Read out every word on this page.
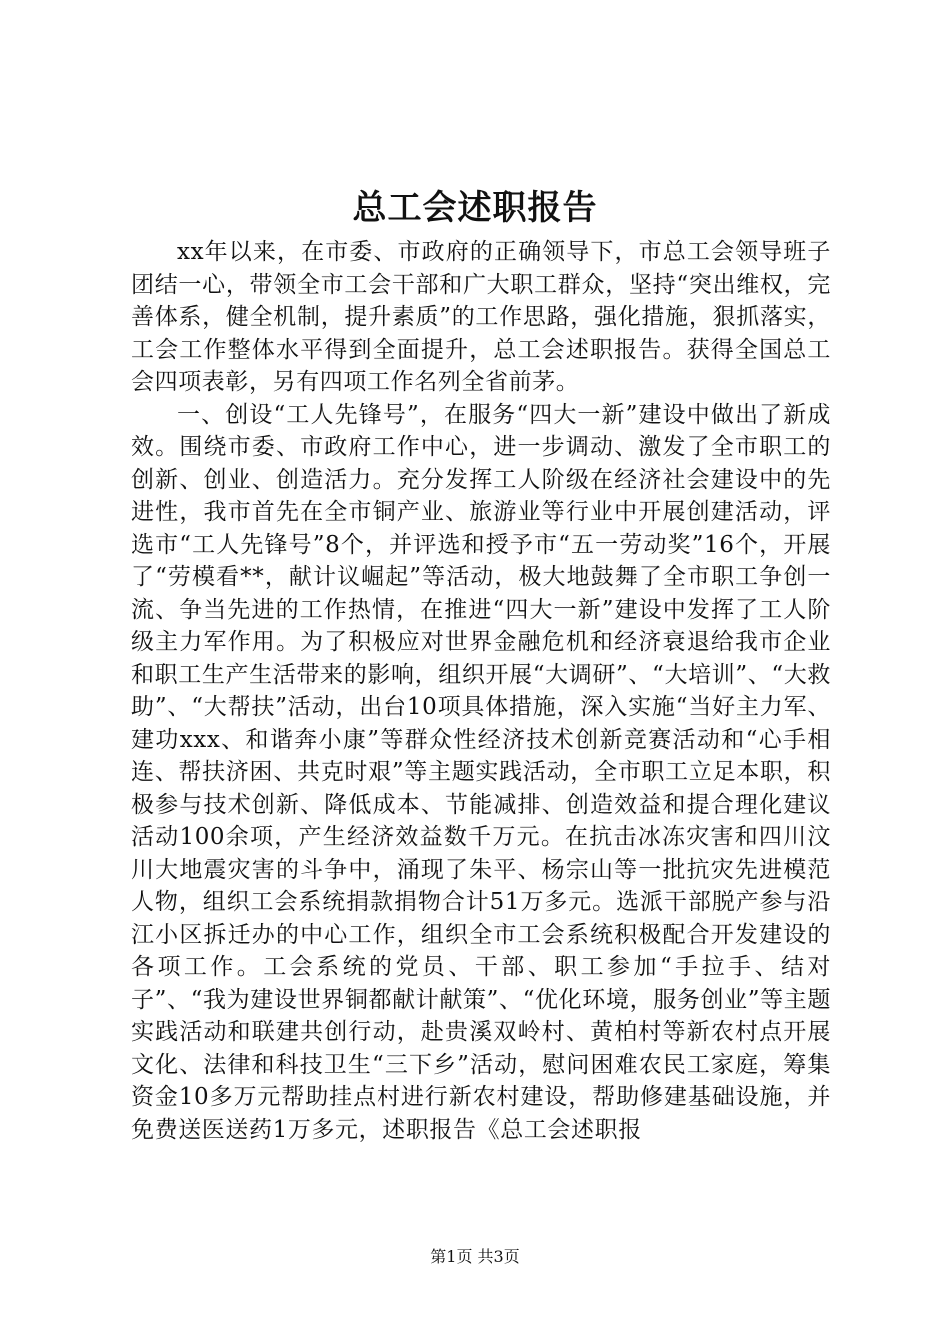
总工会述职报告

xx年以来，在市委、市政府的正确领导下，市总工会领导班子团结一心，带领全市工会干部和广大职工群众，坚持“突出维权，完善体系，健全机制，提升素质”的工作思路，强化措施，狠抓落实，工会工作整体水平得到全面提升，总工会述职报告。获得全国总工会四项表彰，另有四项工作名列全省前茅。

一、创设“工人先锋号”，在服务“四大一新”建设中做出了新成效。围绕市委、市政府工作中心，进一步调动、激发了全市职工的创新、创业、创造活力。充分发挥工人阶级在经济社会建设中的先进性，我市首先在全市铜产业、旅游业等行业中开展创建活动，评选市“工人先锋号”8个，并评选和授予市“五一劳动奖”16个，开展了“劳模看**，献计议崛起”等活动，极大地鼓舞了全市职工争创一流、争当先进的工作热情，在推进“四大一新”建设中发挥了工人阶级主力军作用。为了积极应对世界金融危机和经济衰退给我市企业和职工生产生活带来的影响，组织开展“大调研”、“大培训”、“大救助”、“大帮扶”活动，出台10项具体措施，深入实施“当好主力军、建功xxx、和谐奔小康”等群众性经济技术创新竞赛活动和“心手相连、帮扶济困、共克时艰”等主题实践活动，全市职工立足本职，积极参与技术创新、降低成本、节能减排、创造效益和提合理化建议活动100余项，产生经济效益数千万元。在抗击冰冻灾害和四川汶川大地震灾害的斗争中，涌现了朱平、杨宗山等一批抗灾先进模范人物，组织工会系统捐款捐物合计51万多元。选派干部脱产参与沿江小区拆迁办的中心工作，组织全市工会系统积极配合开发建设的各项工作。工会系统的党员、干部、职工参加“手拉手、结对子”、“我为建设世界铜都献计献策”、“优化环境，服务创业”等主题实践活动和联建共创行动，赴贵溪双岭村、黄柏村等新农村点开展文化、法律和科技卫生“三下乡”活动，慰问困难农民工家庭，筹集资金10多万元帮助挂点村进行新农村建设，帮助修建基础设施，并免费送医送药1万多元，述职报告《总工会述职报

第1页 共3页
